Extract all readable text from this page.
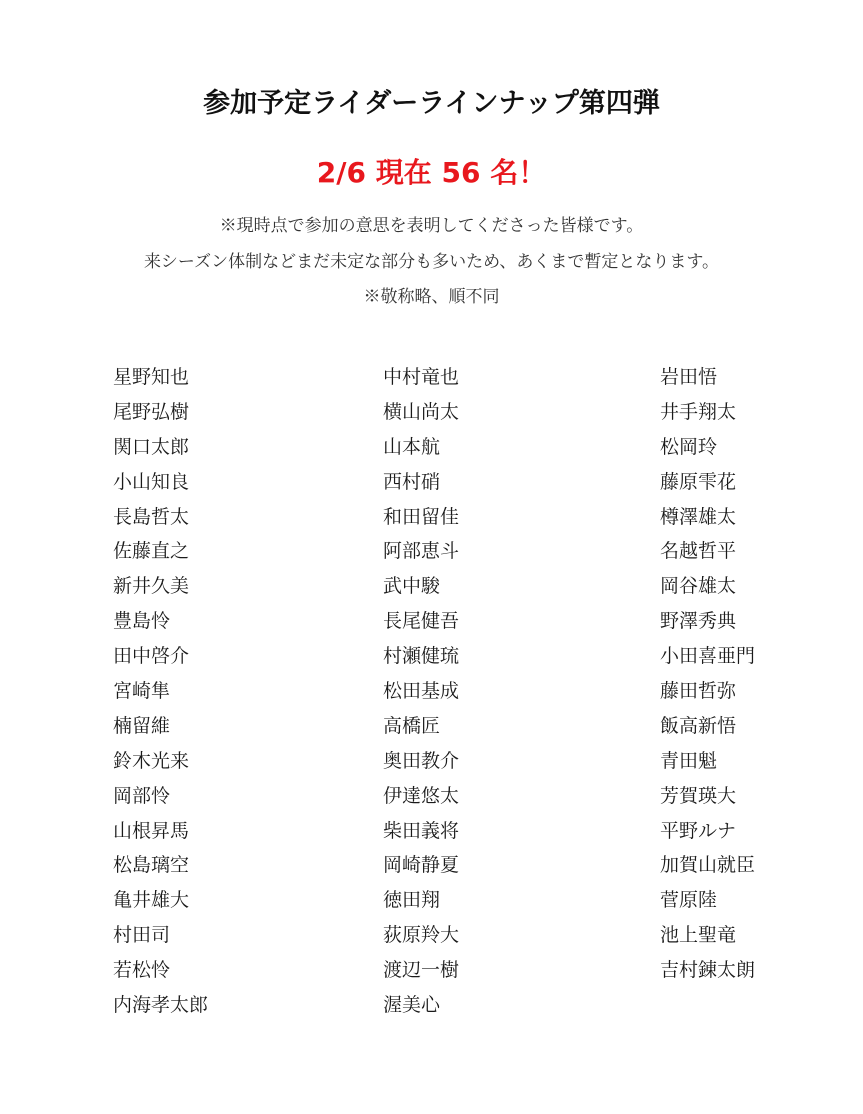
参加予定ライダーラインナップ第四弾
2/6 現在 56 名！
※現時点で参加の意思を表明してくださった皆様です。
来シーズン体制などまだ未定な部分も多いため、あくまで暫定となります。
※敬称略、順不同
星野知也
尾野弘樹
関口太郎
小山知良
長島哲太
佐藤直之
新井久美
豊島怜
田中啓介
宮崎隼
楠留維
鈴木光来
岡部怜
山根昇馬
松島璃空
亀井雄大
村田司
若松怜
内海孝太郎
中村竜也
横山尚太
山本航
西村硝
和田留佳
阿部恵斗
武中駿
長尾健吾
村瀬健琉
松田基成
高橋匠
奥田教介
伊達悠太
柴田義将
岡崎静夏
徳田翔
荻原羚大
渡辺一樹
渥美心
岩田悟
井手翔太
松岡玲
藤原雫花
樽澤雄太
名越哲平
岡谷雄太
野澤秀典
小田喜亜門
藤田哲弥
飯高新悟
青田魁
芳賀瑛大
平野ルナ
加賀山就臣
菅原陸
池上聖竜
吉村錬太朗
